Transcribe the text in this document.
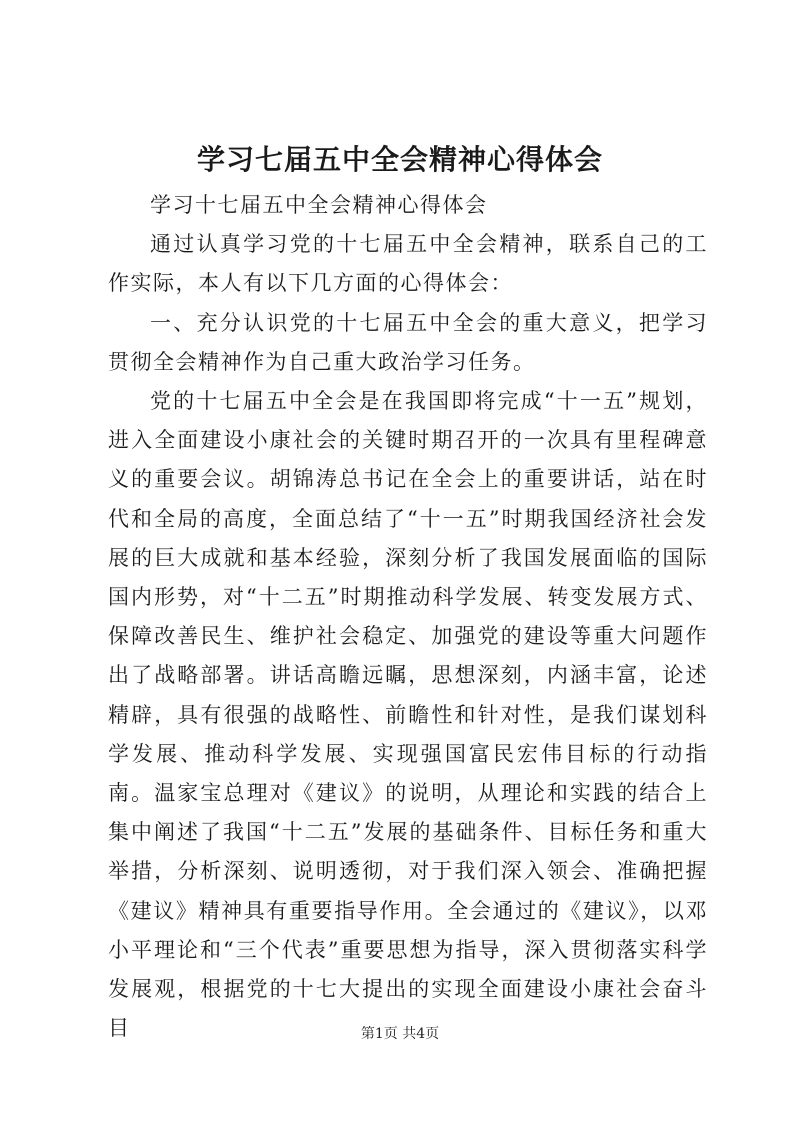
学习七届五中全会精神心得体会

学习十七届五中全会精神心得体会

通过认真学习党的十七届五中全会精神，联系自己的工作实际，本人有以下几方面的心得体会：

一、充分认识党的十七届五中全会的重大意义，把学习贯彻全会精神作为自己重大政治学习任务。

党的十七届五中全会是在我国即将完成“十一五”规划，进入全面建设小康社会的关键时期召开的一次具有里程碑意义的重要会议。胡锦涛总书记在全会上的重要讲话，站在时代和全局的高度，全面总结了“十一五”时期我国经济社会发展的巨大成就和基本经验，深刻分析了我国发展面临的国际国内形势，对“十二五”时期推动科学发展、转变发展方式、保障改善民生、维护社会稳定、加强党的建设等重大问题作出了战略部署。讲话高瞻远瞩，思想深刻，内涵丰富，论述精辟，具有很强的战略性、前瞻性和针对性，是我们谋划科学发展、推动科学发展、实现强国富民宏伟目标的行动指南。温家宝总理对《建议》的说明，从理论和实践的结合上集中阐述了我国“十二五”发展的基础条件、目标任务和重大举措，分析深刻、说明透彻，对于我们深入领会、准确把握《建议》精神具有重要指导作用。全会通过的《建议》，以邓小平理论和“三个代表”重要思想为指导，深入贯彻落实科学发展观，根据党的十七大提出的实现全面建设小康社会奋斗目	第1页 共4页
